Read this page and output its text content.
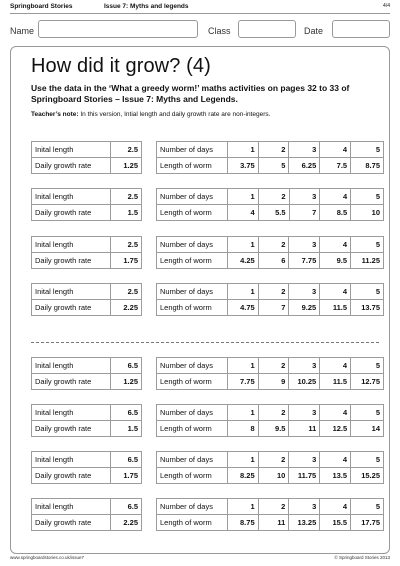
Springboard Stories	Issue 7: Myths and legends	4/4
Name	Class	Date
How did it grow? (4)

Use the data in the ‘What a greedy worm!’ maths activities on pages 32 to 33 of Springboard Stories – Issue 7: Myths and Legends.

Teacher’s note: In this version, Intial length and daily growth rate are non-integers.

Inital length	2.5
Daily growth rate	1.25
Number of days	1	2	3	4	5
Length of worm	3.75	5	6.25	7.5	8.75
Inital length	2.5
Daily growth rate	1.5
Number of days	1	2	3	4	5
Length of worm	4	5.5	7	8.5	10
Inital length	2.5
Daily growth rate	1.75
Number of days	1	2	3	4	5
Length of worm	4.25	6	7.75	9.5	11.25
Inital length	2.5
Daily growth rate	2.25
Number of days	1	2	3	4	5
Length of worm	4.75	7	9.25	11.5	13.75
Inital length	6.5
Daily growth rate	1.25
Number of days	1	2	3	4	5
Length of worm	7.75	9	10.25	11.5	12.75
Inital length	6.5
Daily growth rate	1.5
Number of days	1	2	3	4	5
Length of worm	8	9.5	11	12.5	14
Inital length	6.5
Daily growth rate	1.75
Number of days	1	2	3	4	5
Length of worm	8.25	10	11.75	13.5	15.25
Inital length	6.5
Daily growth rate	2.25
Number of days	1	2	3	4	5
Length of worm	8.75	11	13.25	15.5	17.75
www.springboardstories.co.uk/issue7	© Springboard Stories 2013
